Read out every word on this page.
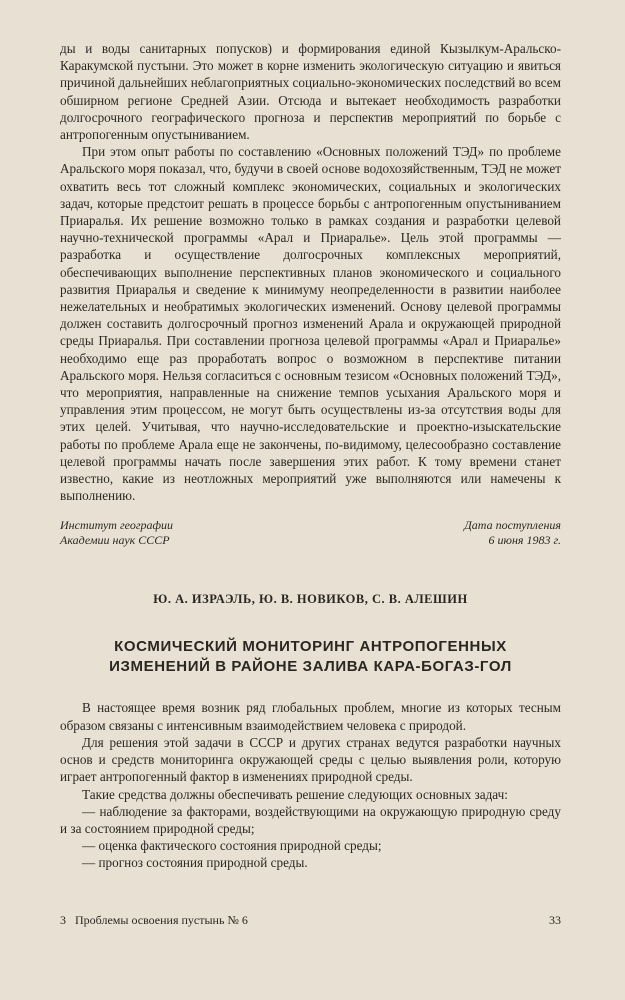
ды и воды санитарных попусков) и формирования единой Кызылкум-Аральско-Каракумской пустыни. Это может в корне изменить экологическую ситуацию и явиться причиной дальнейших неблагоприятных социально-экономических последствий во всем обширном регионе Средней Азии. Отсюда и вытекает необходимость разработки долгосрочного географического прогноза и перспектив мероприятий по борьбе с антропогенным опустыниванием.

При этом опыт работы по составлению «Основных положений ТЭД» по проблеме Аральского моря показал, что, будучи в своей основе водохозяйственным, ТЭД не может охватить весь тот сложный комплекс экономических, социальных и экологических задач, которые предстоит решать в процессе борьбы с антропогенным опустыниванием Приаралья. Их решение возможно только в рамках создания и разработки целевой научно-технической программы «Арал и Приаралье». Цель этой программы — разработка и осуществление долгосрочных комплексных мероприятий, обеспечивающих выполнение перспективных планов экономического и социального развития Приаралья и сведение к минимуму неопределенности в развитии наиболее нежелательных и необратимых экологических изменений. Основу целевой программы должен составить долгосрочный прогноз изменений Арала и окружающей природной среды Приаралья. При составлении прогноза целевой программы «Арал и Приаралье» необходимо еще раз проработать вопрос о возможном в перспективе питании Аральского моря. Нельзя согласиться с основным тезисом «Основных положений ТЭД», что мероприятия, направленные на снижение темпов усыхания Аральского моря и управления этим процессом, не могут быть осуществлены из-за отсутствия воды для этих целей. Учитывая, что научно-исследовательские и проектно-изыскательские работы по проблеме Арала еще не закончены, по-видимому, целесообразно составление целевой программы начать после завершения этих работ. К тому времени станет известно, какие из неотложных мероприятий уже выполняются или намечены к выполнению.

Институт географии
Академии наук СССР
Дата поступления
6 июня 1983 г.
Ю. А. ИЗРАЭЛЬ, Ю. В. НОВИКОВ, С. В. АЛЕШИН
КОСМИЧЕСКИЙ МОНИТОРИНГ АНТРОПОГЕННЫХ
ИЗМЕНЕНИЙ В РАЙОНЕ ЗАЛИВА КАРА-БОГАЗ-ГОЛ

В настоящее время возник ряд глобальных проблем, многие из которых тесным образом связаны с интенсивным взаимодействием человека с природой.

Для решения этой задачи в СССР и других странах ведутся разработки научных основ и средств мониторинга окружающей среды с целью выявления роли, которую играет антропогенный фактор в изменениях природной среды.

Такие средства должны обеспечивать решение следующих основных задач:

— наблюдение за факторами, воздействующими на окружающую природную среду и за состоянием природной среды;

— оценка фактического состояния природной среды;

— прогноз состояния природной среды.

3 Проблемы освоения пустынь № 6	33
